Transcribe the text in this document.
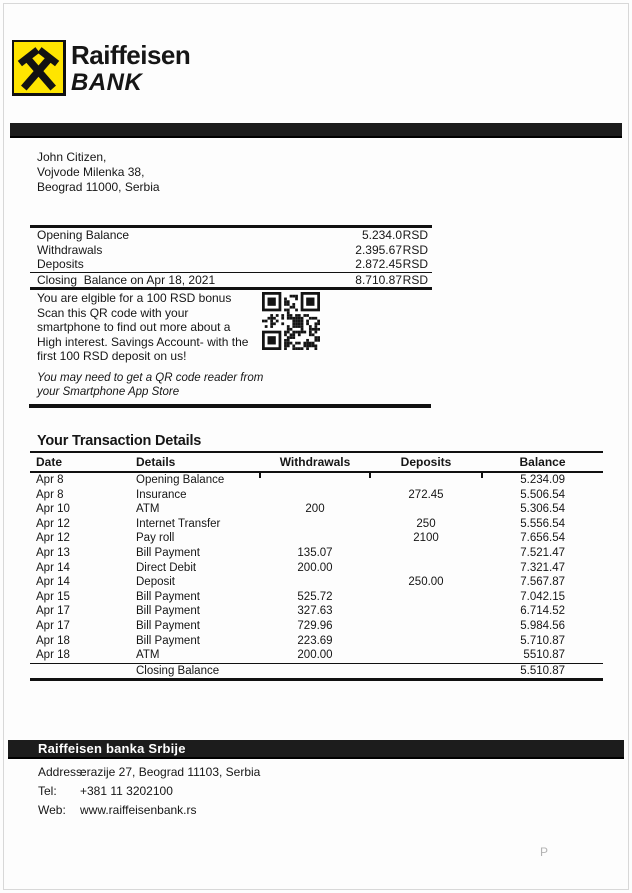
Raiffeisen
BANK
John Citizen,
Vojvode Milenka 38,
Beograd 11000, Serbia
Opening Balance	5.234.0 RSD
Withdrawals	2.395.67 RSD
Deposits	2.872.45 RSD
Closing  Balance on Apr 18, 2021	8.710.87 RSD
You are elgible for a 100 RSD bonus
Scan this QR code with your
smartphone to find out more about a
High interest. Savings Account- with the
first 100 RSD deposit on us!
You may need to get a QR code reader from
your Smartphone App Store
Your Transaction Details
Date	Details	Withdrawals	Deposits	Balance
Apr 8	Opening Balance			5.234.09
Apr 8	Insurance		272.45	5.506.54
Apr 10	ATM	200		5.306.54
Apr 12	Internet Transfer		250	5.556.54
Apr 12	Pay roll		2100	7.656.54
Apr 13	Bill Payment	135.07		7.521.47
Apr 14	Direct Debit	200.00		7.321.47
Apr 14	Deposit		250.00	7.567.87
Apr 15	Bill Payment	525.72		7.042.15
Apr 17	Bill Payment	327.63		6.714.52
Apr 17	Bill Payment	729.96		5.984.56
Apr 18	Bill Payment	223.69		5.710.87
Apr 18	ATM	200.00		5510.87
	Closing Balance			5.510.87
Raiffeisen banka Srbije
Address:
erazije 27, Beograd 11103, Serbia
Tel:	+381 11 3202100
Web:	www.raiffeisenbank.rs
P
